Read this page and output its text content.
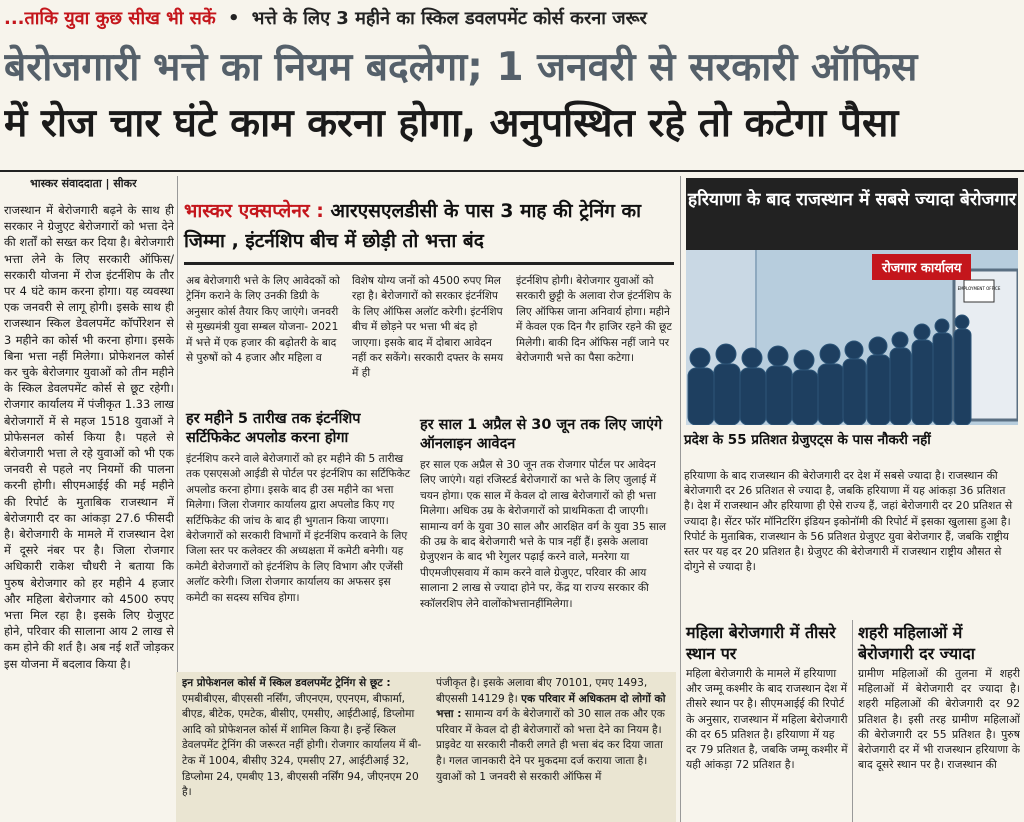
...ताकि युवा कुछ सीख भी सकें • भत्ते के लिए 3 महीने का स्किल डवलपमेंट कोर्स करना जरूर
बेरोजगारी भत्ते का नियम बदलेगा; 1 जनवरी से सरकारी ऑफिस
में रोज चार घंटे काम करना होगा, अनुपस्थित रहे तो कटेगा पैसा
भास्कर संवाददाता | सीकर
राजस्थान में बेरोजगारी बढ़ने के साथ ही सरकार ने ग्रेजुएट बेरोजगारों को भत्ता देने की शर्तों को सख्त कर दिया है। बेरोजगारी भत्ता लेने के लिए सरकारी ऑफिस/सरकारी योजना में रोज इंटर्नशिप के तौर पर 4 घंटे काम करना होगा। यह व्यवस्था एक जनवरी से लागू होगी। इसके साथ ही राजस्थान स्किल डेवलपमेंट कॉर्पोरेशन से 3 महीने का कोर्स भी करना होगा। इसके बिना भत्ता नहीं मिलेगा। प्रोफेशनल कोर्स कर चुके बेरोजगार युवाओं को तीन महीने के स्किल डेवलपमेंट कोर्स से छूट रहेगी। रोजगार कार्यालय में पंजीकृत 1.33 लाख बेरोजगारों में से महज 1518 युवाओं ने प्रोफेसनल कोर्स किया है। पहले से बेरोजगारी भत्ता ले रहे युवाओं को भी एक जनवरी से पहले नए नियमों की पालना करनी होगी। सीएमआईई की मई महीने की रिपोर्ट के मुताबिक राजस्थान में बेरोजगारी दर का आंकड़ा 27.6 फीसदी है। बेरोजगारी के मामले में राजस्थान देश में दूसरे नंबर पर है। जिला रोजगार अधिकारी राकेश चौधरी ने बताया कि पुरुष बेरोजगार को हर महीने 4 हजार और महिला बेरोजगार को 4500 रुपए भत्ता मिल रहा है। इसके लिए ग्रेजुएट होने, परिवार की सालाना आय 2 लाख से कम होने की शर्त है। अब नई शर्तें जोड़कर इस योजना में बदलाव किया है।
भास्कर एक्सप्लेनर : आरएसएलडीसी के पास 3 माह की ट्रेनिंग का जिम्मा , इंटर्नशिप बीच में छोड़ी तो भत्ता बंद
अब बेरोजगारी भत्ते के लिए आवेदकों को ट्रेनिंग कराने के लिए उनकी डिग्री के अनुसार कोर्स तैयार किए जाएंगे। जनवरी से मुख्यमंत्री युवा सम्बल योजना- 2021 में भत्ते में एक हजार की बढ़ोतरी के बाद से पुरुषों को 4 हजार और महिला व
विशेष योग्य जनों को 4500 रुपए मिल रहा है। बेरोजगारों को सरकार इंटर्नशिप के लिए ऑफिस अलॉट करेगी। इंटर्नशिप बीच में छोड़ने पर भत्ता भी बंद हो जाएगा। इसके बाद में दोबारा आवेदन नहीं कर सकेंगे। सरकारी दफ्तर के समय में ही
इंटर्नशिप होगी। बेरोजगार युवाओं को सरकारी छुट्टी के अलावा रोज इंटर्नशिप के लिए ऑफिस जाना अनिवार्य होगा। महीने में केवल एक दिन गैर हाजिर रहने की छूट मिलेगी। बाकी दिन ऑफिस नहीं जाने पर बेरोजगारी भत्ते का पैसा कटेगा।
हर महीने 5 तारीख तक इंटर्नशिप सर्टिफिकेट अपलोड करना होगा
इंटर्नशिप करने वाले बेरोजगारों को हर महीने की 5 तारीख तक एसएसओ आईडी से पोर्टल पर इंटर्नशिप का सर्टिफिकेट अपलोड करना होगा। इसके बाद ही उस महीने का भत्ता मिलेगा। जिला रोजगार कार्यालय द्वारा अपलोड किए गए सर्टिफिकेट की जांच के बाद ही भुगतान किया जाएगा। बेरोजगारों को सरकारी विभागों में इंटर्नशिप करवाने के लिए जिला स्तर पर कलेक्टर की अध्यक्षता में कमेटी बनेगी। यह कमेटी बेरोजगारों को इंटर्नशिप के लिए विभाग और एजेंसी अलॉट करेगी। जिला रोजगार कार्यालय का अफसर इस कमेटी का सदस्य सचिव होगा।
हर साल 1 अप्रैल से 30 जून तक लिए जाएंगे ऑनलाइन आवेदन
हर साल एक अप्रैल से 30 जून तक रोजगार पोर्टल पर आवेदन लिए जाएंगे। यहां रजिस्टर्ड बेरोजगारों का भत्ते के लिए जुलाई में चयन होगा। एक साल में केवल दो लाख बेरोजगारों को ही भत्ता मिलेगा। अधिक उम्र के बेरोजगारों को प्राथमिकता दी जाएगी। सामान्य वर्ग के युवा 30 साल और आरक्षित वर्ग के युवा 35 साल की उम्र के बाद बेरोजगारी भत्ते के पात्र नहीं हैं। इसके अलावा ग्रेजुएशन के बाद भी रेगुलर पढ़ाई करने वाले, मनरेगा या पीएमजीएसवाय में काम करने वाले ग्रेजुएट, परिवार की आय सालाना 2 लाख से ज्यादा होने पर, केंद्र या राज्य सरकार की स्कॉलरशिप लेने वालोंकोभत्तानहींमिलेगा।
इन प्रोफेशनल कोर्स में स्किल डवलपमेंट ट्रेनिंग से छूट : एमबीबीएस, बीएससी नर्सिंग, जीएनएम, एएनएम, बीफार्मा, बीएड, बीटेक, एमटेक, बीसीए, एमसीए, आईटीआई, डिप्लोमा आदि को प्रोफेशनल कोर्स में शामिल किया है। इन्हें स्किल डेवलपमेंट ट्रेनिंग की जरूरत नहीं होगी। रोजगार कार्यालय में बी-टेक में 1004, बीसीए 324, एमसीए 27, आईटीआई 32, डिप्लोमा 24, एमबीए 13, बीएससी नर्सिंग 94, जीएनएम 20 है।
पंजीकृत है। इसके अलावा बीए 70101, एमए 1493, बीएससी 14129 है। एक परिवार में अधिकतम दो लोगों को भत्ता : सामान्य वर्ग के बेरोजगारों को 30 साल तक और एक परिवार में केवल दो ही बेरोजगारों को भत्ता देने का नियम है। प्राइवेट या सरकारी नौकरी लगते ही भत्ता बंद कर दिया जाता है। गलत जानकारी देने पर मुकदमा दर्ज कराया जाता है। युवाओं को 1 जनवरी से सरकारी ऑफिस में
हरियाणा के बाद राजस्थान में सबसे ज्यादा बेरोजगार
EMPLOYMENT OFFICE
रोजगार कार्यालय
प्रदेश के 55 प्रतिशत ग्रेजुएट्स के पास नौकरी नहीं
हरियाणा के बाद राजस्थान की बेरोजगारी दर देश में सबसे ज्यादा है। राजस्थान की बेरोजगारी दर 26 प्रतिशत से ज्यादा है, जबकि हरियाणा में यह आंकड़ा 36 प्रतिशत है। देश में राजस्थान और हरियाणा ही ऐसे राज्य हैं, जहां बेरोजगारी दर 20 प्रतिशत से ज्यादा है। सेंटर फॉर मॉनिटरिंग इंडियन इकोनॉमी की रिपोर्ट में इसका खुलासा हुआ है। रिपोर्ट के मुताबिक, राजस्थान के 56 प्रतिशत ग्रेजुएट युवा बेरोजगार हैं, जबकि राष्ट्रीय स्तर पर यह दर 20 प्रतिशत है। ग्रेजुएट की बेरोजगारी में राजस्थान राष्ट्रीय औसत से दोगुने से ज्यादा है।
महिला बेरोजगारी में तीसरे स्थान पर
महिला बेरोजगारी के मामले में हरियाणा और जम्मू कश्मीर के बाद राजस्थान देश में तीसरे स्थान पर है। सीएमआईई की रिपोर्ट के अनुसार, राजस्थान में महिला बेरोजगारी की दर 65 प्रतिशत है। हरियाणा में यह दर 79 प्रतिशत है, जबकि जम्मू कश्मीर में यही आंकड़ा 72 प्रतिशत है।
शहरी महिलाओं में बेरोजगारी दर ज्यादा
ग्रामीण महिलाओं की तुलना में शहरी महिलाओं में बेरोजगारी दर ज्यादा है। शहरी महिलाओं की बेरोजगारी दर 92 प्रतिशत है। इसी तरह ग्रामीण महिलाओं की बेरोजगारी दर 55 प्रतिशत है। पुरुष बेरोजगारी दर में भी राजस्थान हरियाणा के बाद दूसरे स्थान पर है। राजस्थान की
